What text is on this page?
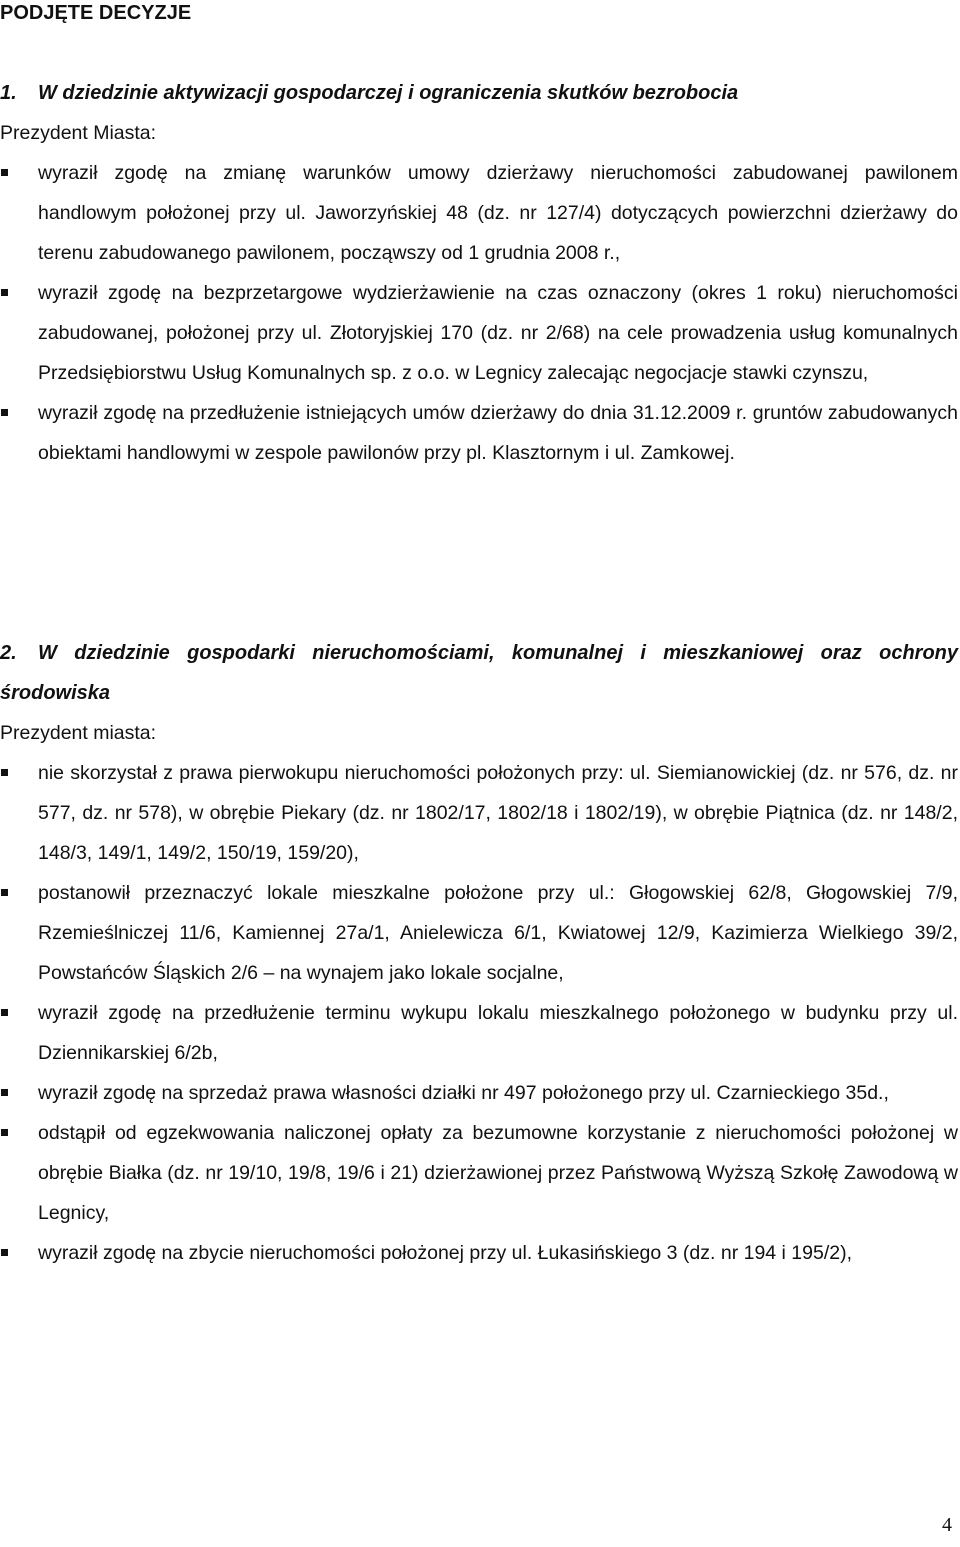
PODJĘTE DECYZJE
1. W dziedzinie aktywizacji gospodarczej i ograniczenia skutków bezrobocia

Prezydent Miasta:

wyraził zgodę na zmianę warunków umowy dzierżawy nieruchomości zabudowanej pawilonem handlowym położonej przy ul. Jaworzyńskiej 48 (dz. nr 127/4) dotyczących powierzchni dzierżawy do terenu zabudowanego pawilonem, począwszy od 1 grudnia 2008 r.,
wyraził zgodę na bezprzetargowe wydzierżawienie na czas oznaczony (okres 1 roku) nieruchomości zabudowanej, położonej przy ul. Złotoryjskiej 170 (dz. nr 2/68) na cele prowadzenia usług komunalnych Przedsiębiorstwu Usług Komunalnych sp. z o.o. w Legnicy zalecając negocjacje stawki czynszu,
wyraził zgodę na przedłużenie istniejących umów dzierżawy do dnia 31.12.2009 r. gruntów zabudowanych obiektami handlowymi w zespole pawilonów przy pl. Klasztornym i ul. Zamkowej.
2. W dziedzinie gospodarki nieruchomościami, komunalnej i mieszkaniowej oraz ochrony środowiska

Prezydent miasta:

nie skorzystał z prawa pierwokupu nieruchomości położonych przy: ul. Siemianowickiej (dz. nr 576, dz. nr 577, dz. nr 578), w obrębie Piekary (dz. nr 1802/17, 1802/18 i 1802/19), w obrębie Piątnica (dz. nr 148/2, 148/3, 149/1, 149/2, 150/19, 159/20),
postanowił przeznaczyć lokale mieszkalne położone przy ul.: Głogowskiej 62/8, Głogowskiej 7/9, Rzemieślniczej 11/6, Kamiennej 27a/1, Anielewicza 6/1, Kwiatowej 12/9, Kazimierza Wielkiego 39/2, Powstańców Śląskich 2/6 – na wynajem jako lokale socjalne,
wyraził zgodę na przedłużenie terminu wykupu lokalu mieszkalnego położonego w budynku przy ul. Dziennikarskiej 6/2b,
wyraził zgodę na sprzedaż prawa własności działki nr 497 położonego przy ul. Czarnieckiego 35d.,
odstąpił od egzekwowania naliczonej opłaty za bezumowne korzystanie z nieruchomości położonej w obrębie Białka (dz. nr 19/10, 19/8, 19/6 i 21) dzierżawionej przez Państwową Wyższą Szkołę Zawodową w Legnicy,
wyraził zgodę na zbycie nieruchomości położonej przy ul. Łukasińskiego 3 (dz. nr 194 i 195/2),
4
